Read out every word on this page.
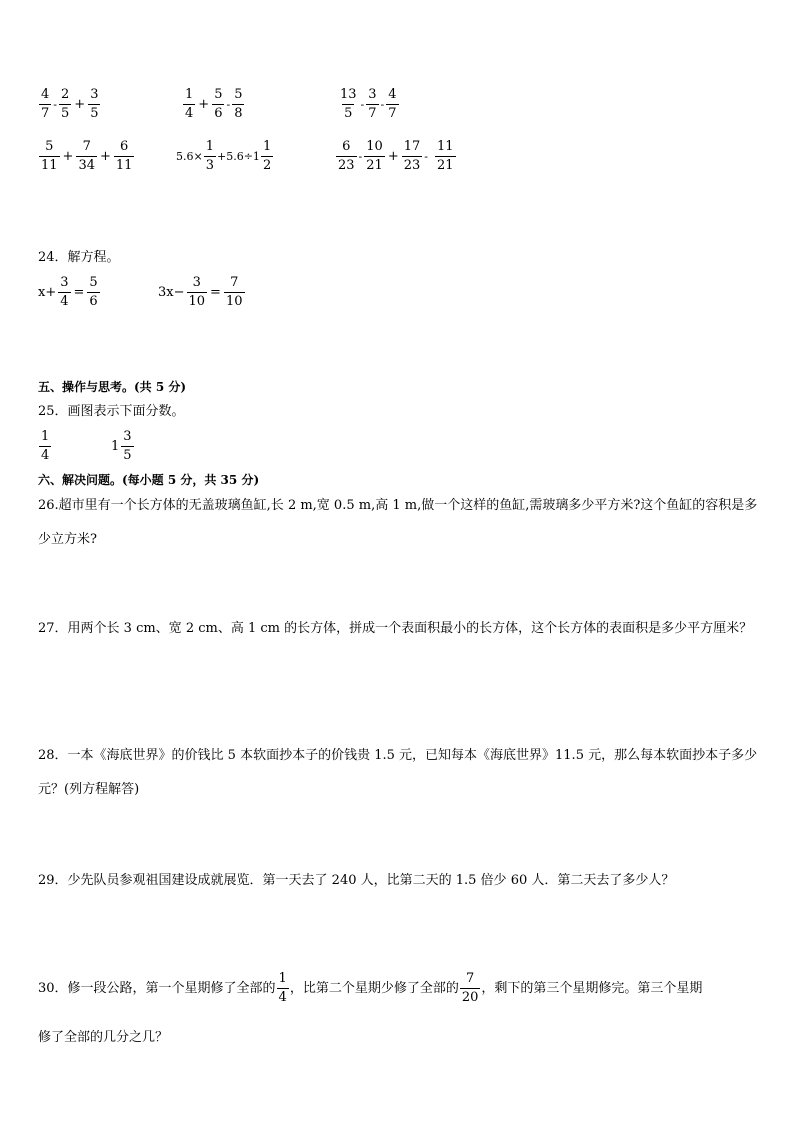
$\frac{4}{7} - \frac{2}{5} + \frac{3}{5}$	$\frac{1}{4} + \frac{5}{6} - \frac{5}{8}$	$\frac{13}{5} - \frac{3}{7} - \frac{4}{7}$
$\frac{5}{11} + \frac{7}{34} + \frac{6}{11}$	$5.6\times \frac{1}{3} +5.6\div 1 \frac{1}{2}$	$\frac{6}{23} - \frac{10}{21} + \frac{17}{23} - \frac{11}{21}$
24．解方程。
$x+ \frac{3}{4} = \frac{5}{6}$	$3x- \frac{3}{10} = \frac{7}{10}$
五、操作与思考。(共 5 分)
25．画图表示下面分数。
$\frac{1}{4}$	$1 \frac{3}{5}$
六、解决问题。(每小题 5 分，共 35 分)
26.超市里有一个长方体的无盖玻璃鱼缸,长 2 m,宽 0.5 m,高 1 m,做一个这样的鱼缸,需玻璃多少平方米?这个鱼缸的容积是多少立方米?
27．用两个长 3 cm、宽 2 cm、高 1 cm 的长方体，拼成一个表面积最小的长方体，这个长方体的表面积是多少平方厘米？
28．一本《海底世界》的价钱比 5 本软面抄本子的价钱贵 1.5 元，已知每本《海底世界》11.5 元，那么每本软面抄本子多少元？(列方程解答)
29．少先队员参观祖国建设成就展览．第一天去了 240 人，比第二天的 1.5 倍少 60 人．第二天去了多少人？
30．修一段公路，第一个星期修了全部的 $\frac{1}{4}$ ，比第二个星期少修了全部的 $\frac{7}{20}$ ，剩下的第三个星期修完。第三个星期
修了全部的几分之几？
